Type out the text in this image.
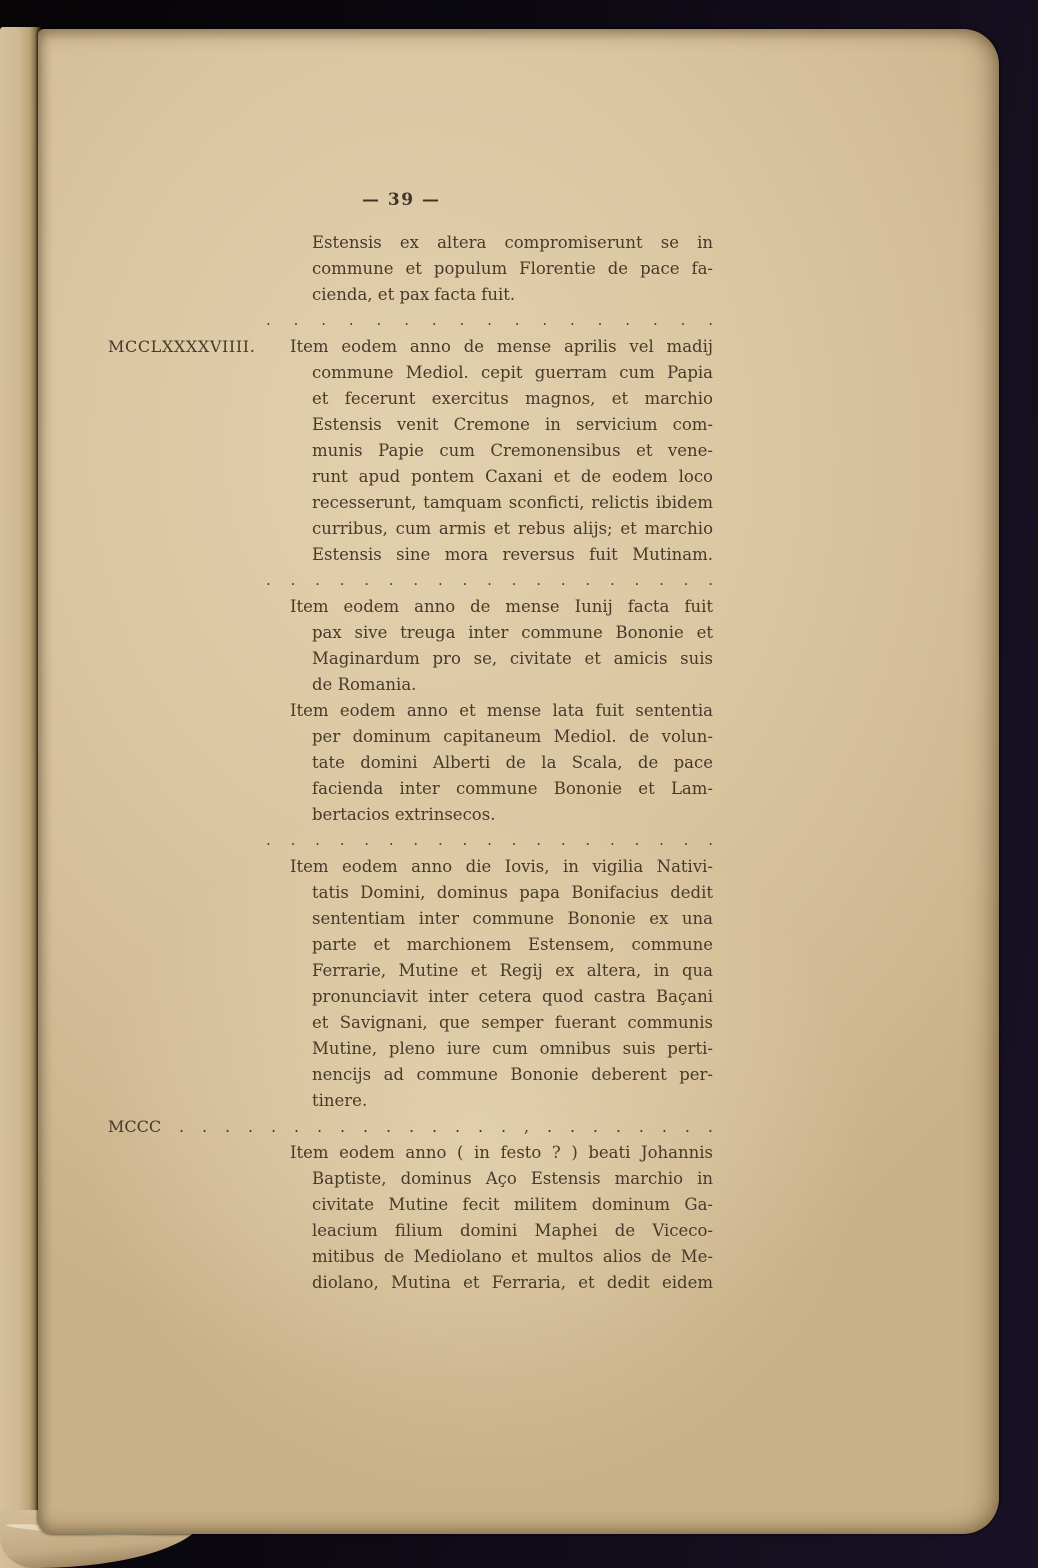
— 39 —
Estensis ex altera compromiserunt se in
commune et populum Florentie de pace fa-
cienda, et pax facta fuit.
. . . . . . . . . . . . . . . . .
MCCLXXXXVIIII. Item eodem anno de mense aprilis vel madij
commune Mediol. cepit guerram cum Papia
et fecerunt exercitus magnos, et marchio
Estensis venit Cremone in servicium com-
munis Papie cum Cremonensibus et vene-
runt apud pontem Caxani et de eodem loco
recesserunt, tamquam sconficti, relictis ibidem
curribus, cum armis et rebus alijs; et marchio
Estensis sine mora reversus fuit Mutinam.
. . . . . . . . . . . . . . . . . . .
Item eodem anno de mense Iunij facta fuit
pax sive treuga inter commune Bononie et
Maginardum pro se, civitate et amicis suis
de Romania.
Item eodem anno et mense lata fuit sententia
per dominum capitaneum Mediol. de volun-
tate domini Alberti de la Scala, de pace
facienda inter commune Bononie et Lam-
bertacios extrinsecos.
. . . . . . . . . . . . . . . . . . .
Item eodem anno die Iovis, in vigilia Nativi-
tatis Domini, dominus papa Bonifacius dedit
sententiam inter commune Bononie ex una
parte et marchionem Estensem, commune
Ferrarie, Mutine et Regij ex altera, in qua
pronunciavit inter cetera quod castra Baçani
et Savignani, que semper fuerant communis
Mutine, pleno iure cum omnibus suis perti-
nencijs ad commune Bononie deberent per-
tinere.
MCCC . . . . . . . . . . . . . . . , . . . . . . . .
Item eodem anno ( in festo ? ) beati Johannis
Baptiste, dominus Aço Estensis marchio in
civitate Mutine fecit militem dominum Ga-
leacium filium domini Maphei de Viceco-
mitibus de Mediolano et multos alios de Me-
diolano, Mutina et Ferraria, et dedit eidem
